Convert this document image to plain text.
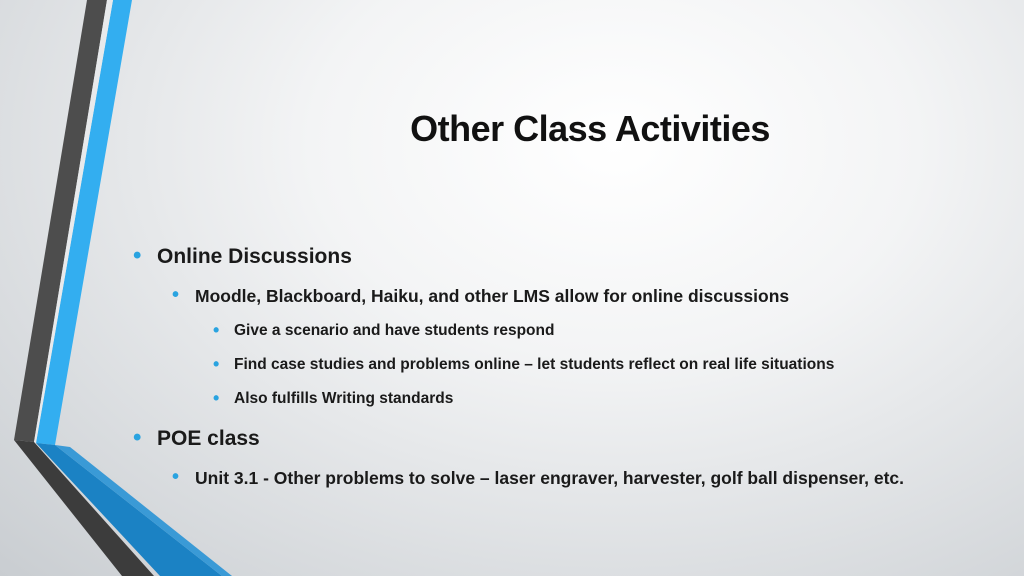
Other Class Activities
• Online Discussions
• Moodle, Blackboard, Haiku, and other LMS allow for online discussions
• Give a scenario and have students respond
• Find case studies and problems online – let students reflect on real life situations
• Also fulfills Writing standards
• POE class
• Unit 3.1 - Other problems to solve – laser engraver, harvester, golf ball dispenser, etc.
